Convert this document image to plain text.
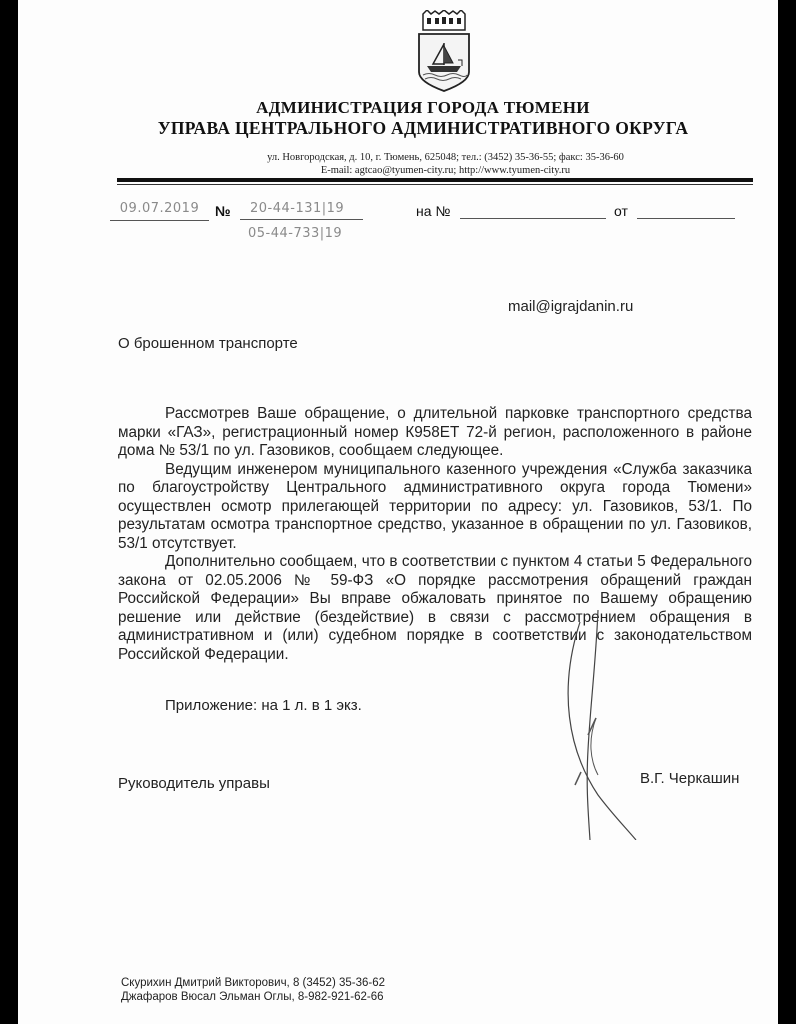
АДМИНИСТРАЦИЯ ГОРОДА ТЮМЕНИ
УПРАВА ЦЕНТРАЛЬНОГО АДМИНИСТРАТИВНОГО ОКРУГА
ул. Новгородская, д. 10, г. Тюмень, 625048; тел.: (3452) 35-36-55; факс: 35-36-60
E-mail: agtcao@tyumen-city.ru; http://www.tyumen-city.ru
09.07.2019	№	20-44-131|19
05-44-733|19
на №	от
mail@igrajdanin.ru
О брошенном транспорте

Рассмотрев Ваше обращение, о длительной парковке транспортного средства марки «ГАЗ», регистрационный номер К958ЕТ 72-й регион, расположенного в районе дома № 53/1 по ул. Газовиков, сообщаем следующее.

Ведущим инженером муниципального казенного учреждения «Служба заказчика по благоустройству Центрального административного округа города Тюмени» осуществлен осмотр прилегающей территории по адресу: ул. Газовиков, 53/1. По результатам осмотра транспортное средство, указанное в обращении по ул. Газовиков, 53/1 отсутствует.

Дополнительно сообщаем, что в соответствии с пунктом 4 статьи 5 Федерального закона от 02.05.2006 № 59-ФЗ «О порядке рассмотрения обращений граждан Российской Федерации» Вы вправе обжаловать принятое по Вашему обращению решение или действие (бездействие) в связи с рассмотрением обращения в административном и (или) судебном порядке в соответствии с законодательством Российской Федерации.

Приложение: на 1 л. в 1 экз.
Руководитель управы	В.Г. Черкашин
Скурихин Дмитрий Викторович, 8 (3452) 35-36-62
Джафаров Вюсал Эльман Оглы, 8-982-921-62-66
